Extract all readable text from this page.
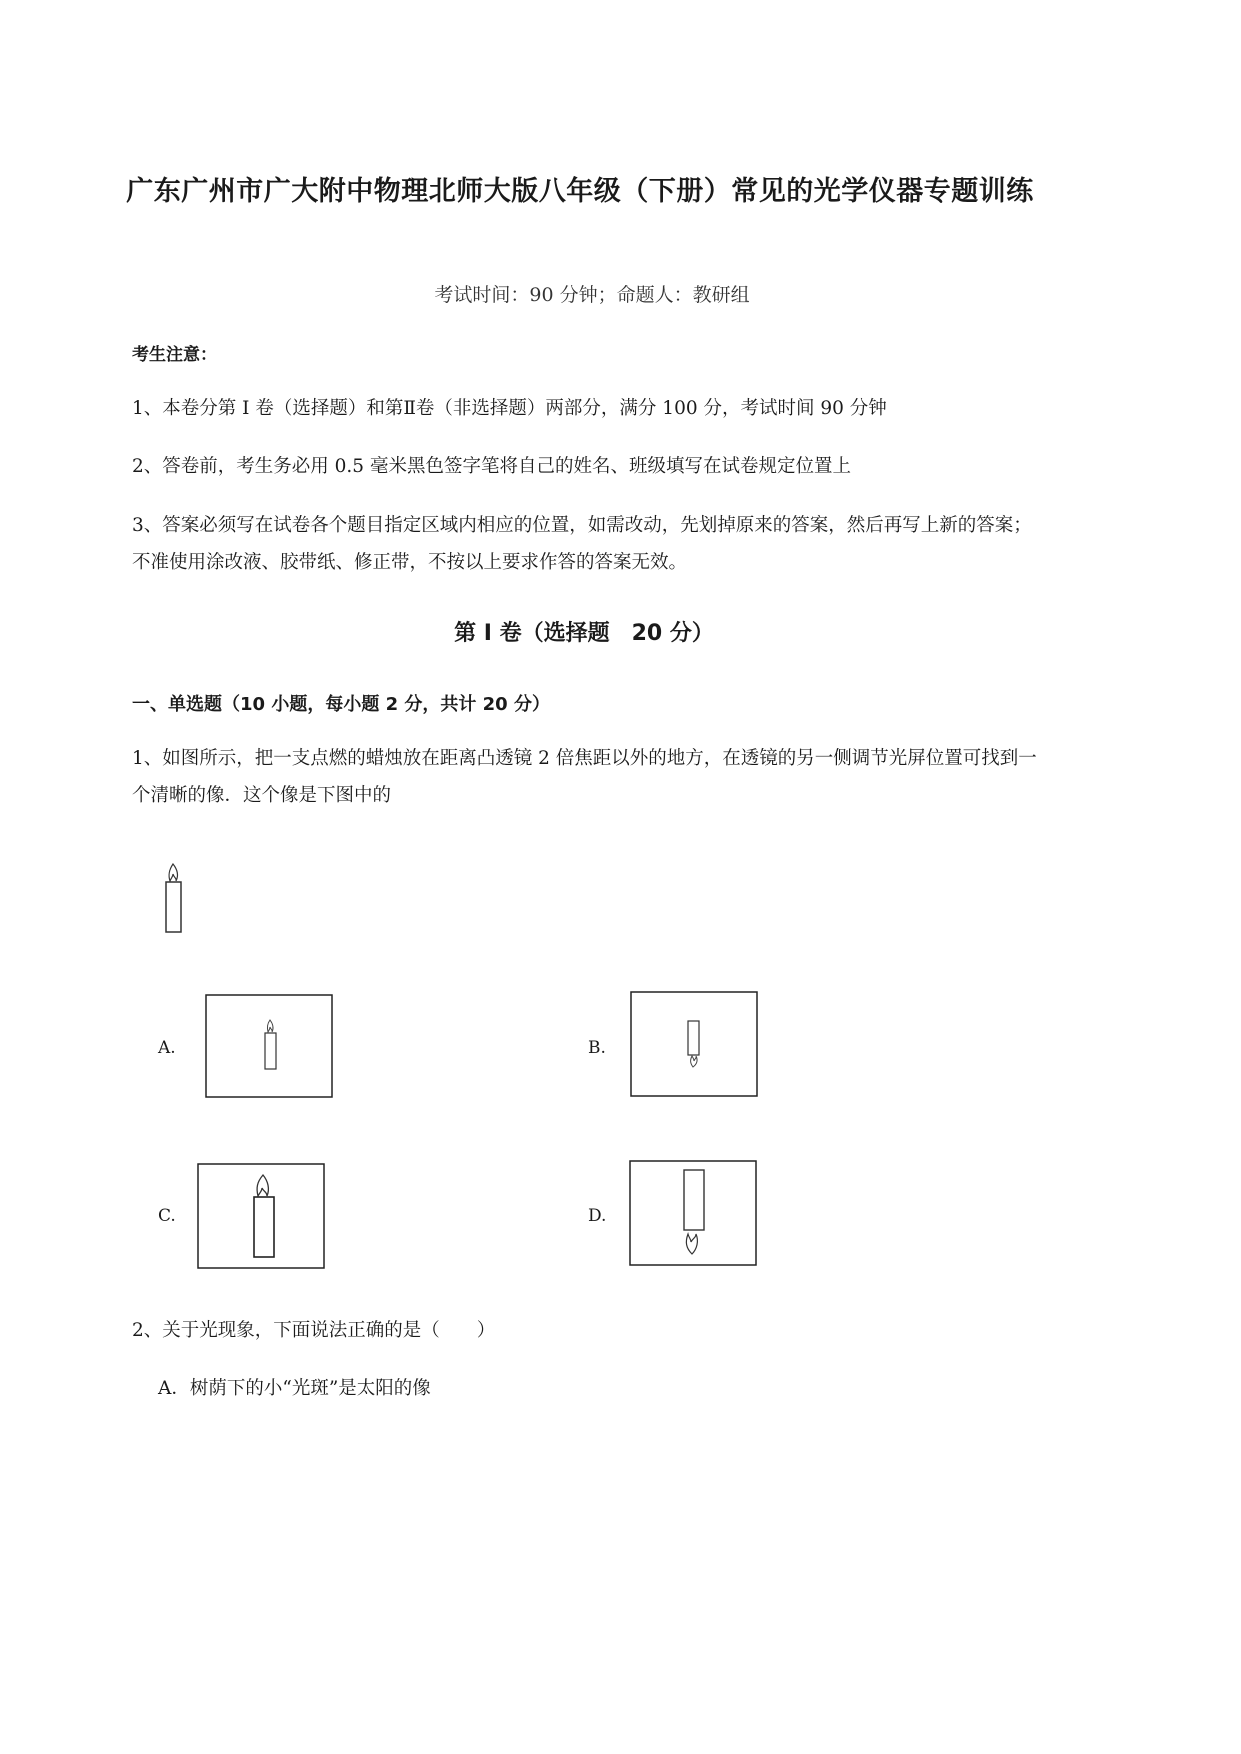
广东广州市广大附中物理北师大版八年级（下册）常见的光学仪器专题训练
考试时间：90 分钟；命题人：教研组
考生注意：
1、本卷分第 I 卷（选择题）和第Ⅱ卷（非选择题）两部分，满分 100 分，考试时间 90 分钟
2、答卷前，考生务必用 0.5 毫米黑色签字笔将自己的姓名、班级填写在试卷规定位置上
3、答案必须写在试卷各个题目指定区域内相应的位置，如需改动，先划掉原来的答案，然后再写上新的答案；不准使用涂改液、胶带纸、修正带，不按以上要求作答的答案无效。
第 I 卷（选择题　20 分）
一、单选题（10 小题，每小题 2 分，共计 20 分）
1、如图所示，把一支点燃的蜡烛放在距离凸透镜 2 倍焦距以外的地方，在透镜的另一侧调节光屏位置可找到一个清晰的像．这个像是下图中的
A.	B.
C.	D.
2、关于光现象，下面说法正确的是（　　）
A．树荫下的小“光斑”是太阳的像
